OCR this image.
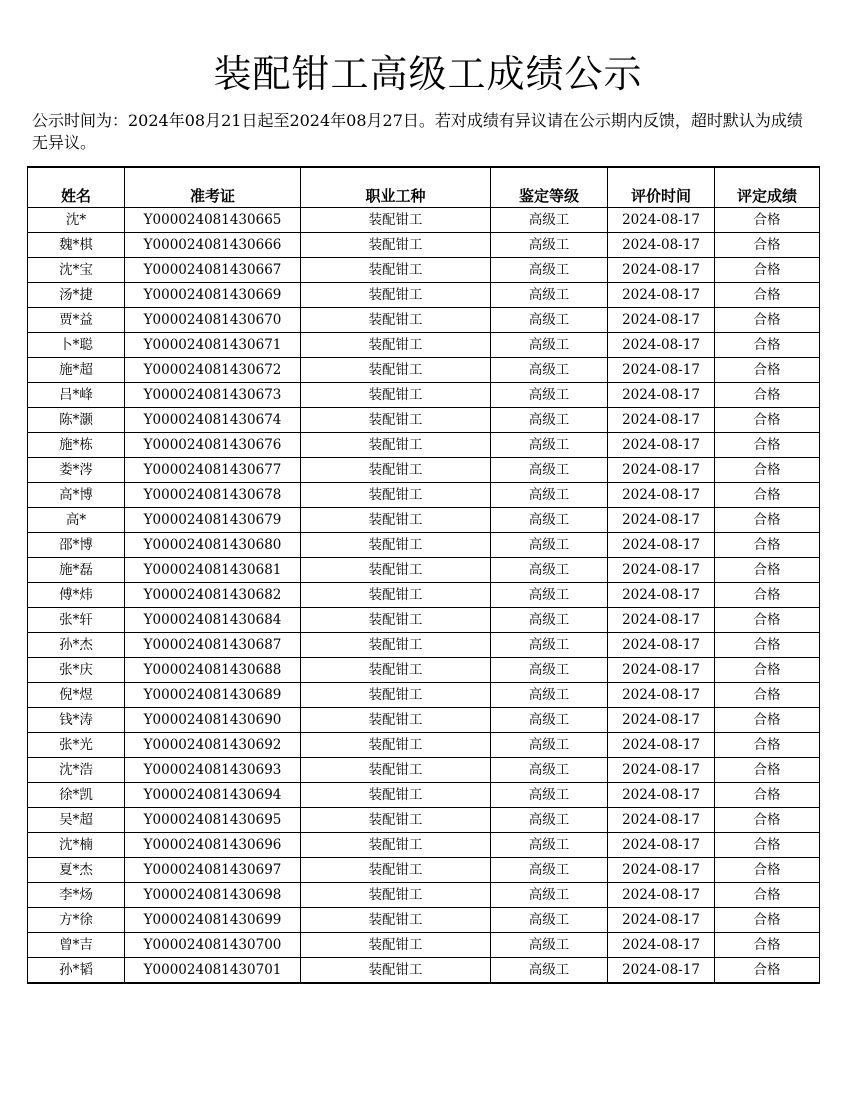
装配钳工高级工成绩公示
公示时间为：2024年08月21日起至2024年08月27日。若对成绩有异议请在公示期内反馈，超时默认为成绩无异议。
姓名	准考证	职业工种	鉴定等级	评价时间	评定成绩
沈*	Y000024081430665	装配钳工	高级工	2024-08-17	合格
魏*棋	Y000024081430666	装配钳工	高级工	2024-08-17	合格
沈*宝	Y000024081430667	装配钳工	高级工	2024-08-17	合格
汤*捷	Y000024081430669	装配钳工	高级工	2024-08-17	合格
贾*益	Y000024081430670	装配钳工	高级工	2024-08-17	合格
卜*聪	Y000024081430671	装配钳工	高级工	2024-08-17	合格
施*超	Y000024081430672	装配钳工	高级工	2024-08-17	合格
吕*峰	Y000024081430673	装配钳工	高级工	2024-08-17	合格
陈*灏	Y000024081430674	装配钳工	高级工	2024-08-17	合格
施*栋	Y000024081430676	装配钳工	高级工	2024-08-17	合格
娄*涔	Y000024081430677	装配钳工	高级工	2024-08-17	合格
高*博	Y000024081430678	装配钳工	高级工	2024-08-17	合格
高*	Y000024081430679	装配钳工	高级工	2024-08-17	合格
邵*博	Y000024081430680	装配钳工	高级工	2024-08-17	合格
施*磊	Y000024081430681	装配钳工	高级工	2024-08-17	合格
傅*炜	Y000024081430682	装配钳工	高级工	2024-08-17	合格
张*轩	Y000024081430684	装配钳工	高级工	2024-08-17	合格
孙*杰	Y000024081430687	装配钳工	高级工	2024-08-17	合格
张*庆	Y000024081430688	装配钳工	高级工	2024-08-17	合格
倪*煜	Y000024081430689	装配钳工	高级工	2024-08-17	合格
钱*涛	Y000024081430690	装配钳工	高级工	2024-08-17	合格
张*光	Y000024081430692	装配钳工	高级工	2024-08-17	合格
沈*浩	Y000024081430693	装配钳工	高级工	2024-08-17	合格
徐*凯	Y000024081430694	装配钳工	高级工	2024-08-17	合格
吴*超	Y000024081430695	装配钳工	高级工	2024-08-17	合格
沈*楠	Y000024081430696	装配钳工	高级工	2024-08-17	合格
夏*杰	Y000024081430697	装配钳工	高级工	2024-08-17	合格
李*炀	Y000024081430698	装配钳工	高级工	2024-08-17	合格
方*徐	Y000024081430699	装配钳工	高级工	2024-08-17	合格
曾*吉	Y000024081430700	装配钳工	高级工	2024-08-17	合格
孙*韬	Y000024081430701	装配钳工	高级工	2024-08-17	合格
